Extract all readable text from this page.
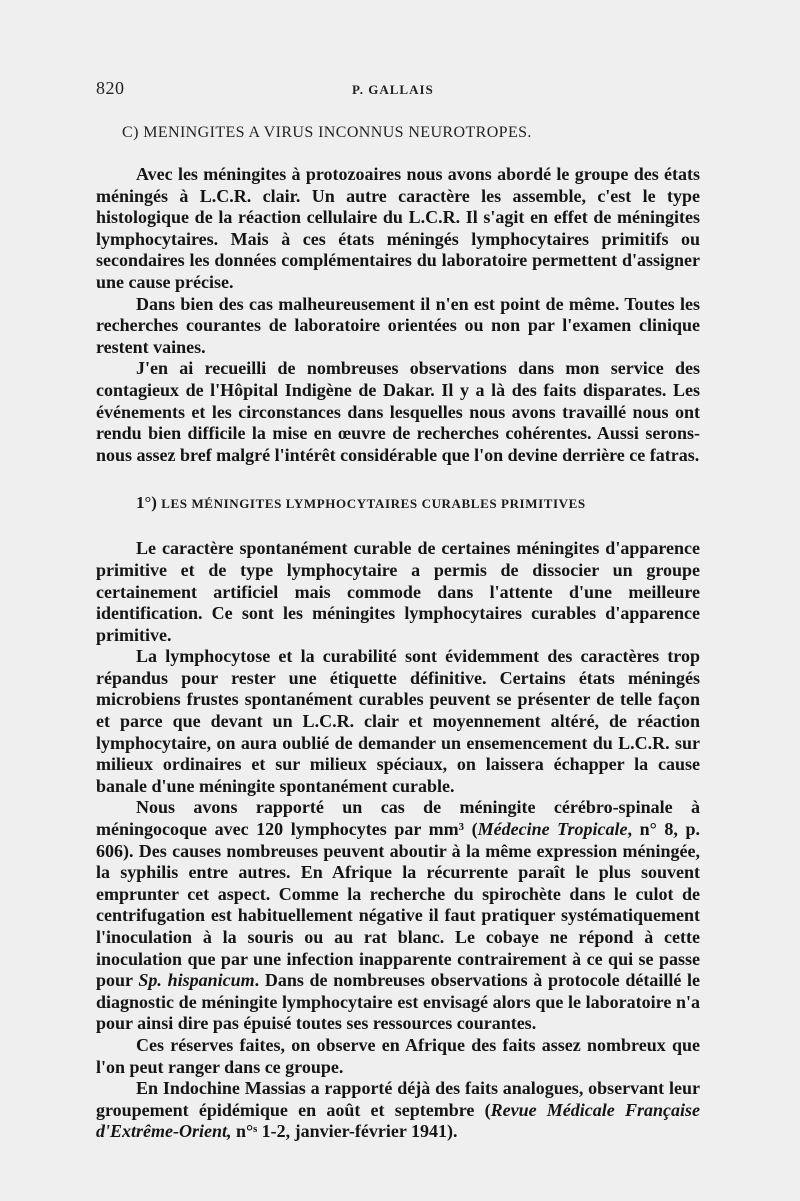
820	P. GALLAIS
C) MENINGITES A VIRUS INCONNUS NEUROTROPES.

Avec les méningites à protozoaires nous avons abordé le groupe des états méningés à L.C.R. clair. Un autre caractère les assemble, c'est le type histologique de la réaction cellulaire du L.C.R. Il s'agit en effet de méningites lymphocytaires. Mais à ces états méningés lymphocytaires primitifs ou secondaires les données complémentaires du laboratoire permettent d'assigner une cause précise.

Dans bien des cas malheureusement il n'en est point de même. Toutes les recherches courantes de laboratoire orientées ou non par l'examen clinique restent vaines.

J'en ai recueilli de nombreuses observations dans mon service des contagieux de l'Hôpital Indigène de Dakar. Il y a là des faits disparates. Les événements et les circonstances dans lesquelles nous avons travaillé nous ont rendu bien difficile la mise en œuvre de recherches cohérentes. Aussi serons-nous assez bref malgré l'intérêt considérable que l'on devine derrière ce fatras.

1°) LES MÉNINGITES LYMPHOCYTAIRES CURABLES PRIMITIVES

Le caractère spontanément curable de certaines méningites d'apparence primitive et de type lymphocytaire a permis de dissocier un groupe certainement artificiel mais commode dans l'attente d'une meilleure identification. Ce sont les méningites lymphocytaires curables d'apparence primitive.

La lymphocytose et la curabilité sont évidemment des caractères trop répandus pour rester une étiquette définitive. Certains états méningés microbiens frustes spontanément curables peuvent se présenter de telle façon et parce que devant un L.C.R. clair et moyennement altéré, de réaction lymphocytaire, on aura oublié de demander un ensemencement du L.C.R. sur milieux ordinaires et sur milieux spéciaux, on laissera échapper la cause banale d'une méningite spontanément curable.

Nous avons rapporté un cas de méningite cérébro-spinale à méningocoque avec 120 lymphocytes par mm³ (Médecine Tropicale, n° 8, p. 606). Des causes nombreuses peuvent aboutir à la même expression méningée, la syphilis entre autres. En Afrique la récurrente paraît le plus souvent emprunter cet aspect. Comme la recherche du spirochète dans le culot de centrifugation est habituellement négative il faut pratiquer systématiquement l'inoculation à la souris ou au rat blanc. Le cobaye ne répond à cette inoculation que par une infection inapparente contrairement à ce qui se passe pour Sp. hispanicum. Dans de nombreuses observations à protocole détaillé le diagnostic de méningite lymphocytaire est envisagé alors que le laboratoire n'a pour ainsi dire pas épuisé toutes ses ressources courantes.

Ces réserves faites, on observe en Afrique des faits assez nombreux que l'on peut ranger dans ce groupe.

En Indochine Massias a rapporté déjà des faits analogues, observant leur groupement épidémique en août et septembre (Revue Médicale Française d'Extrême-Orient, n°ˢ 1-2, janvier-février 1941).
